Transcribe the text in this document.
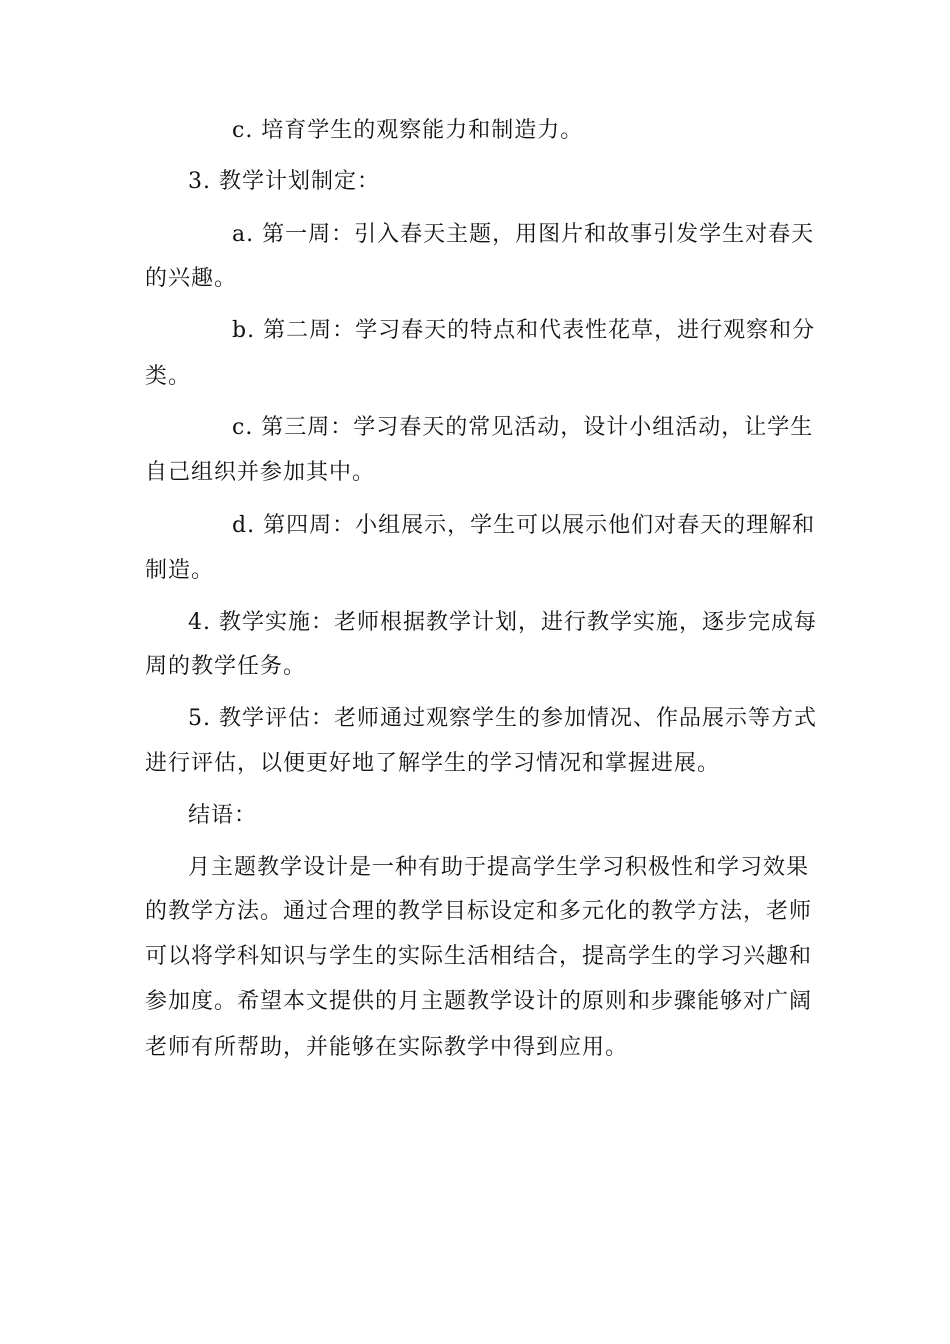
c. 培育学生的观察能力和制造力。
3. 教学计划制定：
a. 第一周：引入春天主题，用图片和故事引发学生对春天
的兴趣。
b. 第二周：学习春天的特点和代表性花草，进行观察和分
类。
c. 第三周：学习春天的常见活动，设计小组活动，让学生
自己组织并参加其中。
d. 第四周：小组展示，学生可以展示他们对春天的理解和
制造。
4. 教学实施：老师根据教学计划，进行教学实施，逐步完成每
周的教学任务。
5. 教学评估：老师通过观察学生的参加情况、作品展示等方式
进行评估，以便更好地了解学生的学习情况和掌握进展。
结语：
月主题教学设计是一种有助于提高学生学习积极性和学习效果
的教学方法。通过合理的教学目标设定和多元化的教学方法，老师
可以将学科知识与学生的实际生活相结合，提高学生的学习兴趣和
参加度。希望本文提供的月主题教学设计的原则和步骤能够对广阔
老师有所帮助，并能够在实际教学中得到应用。
